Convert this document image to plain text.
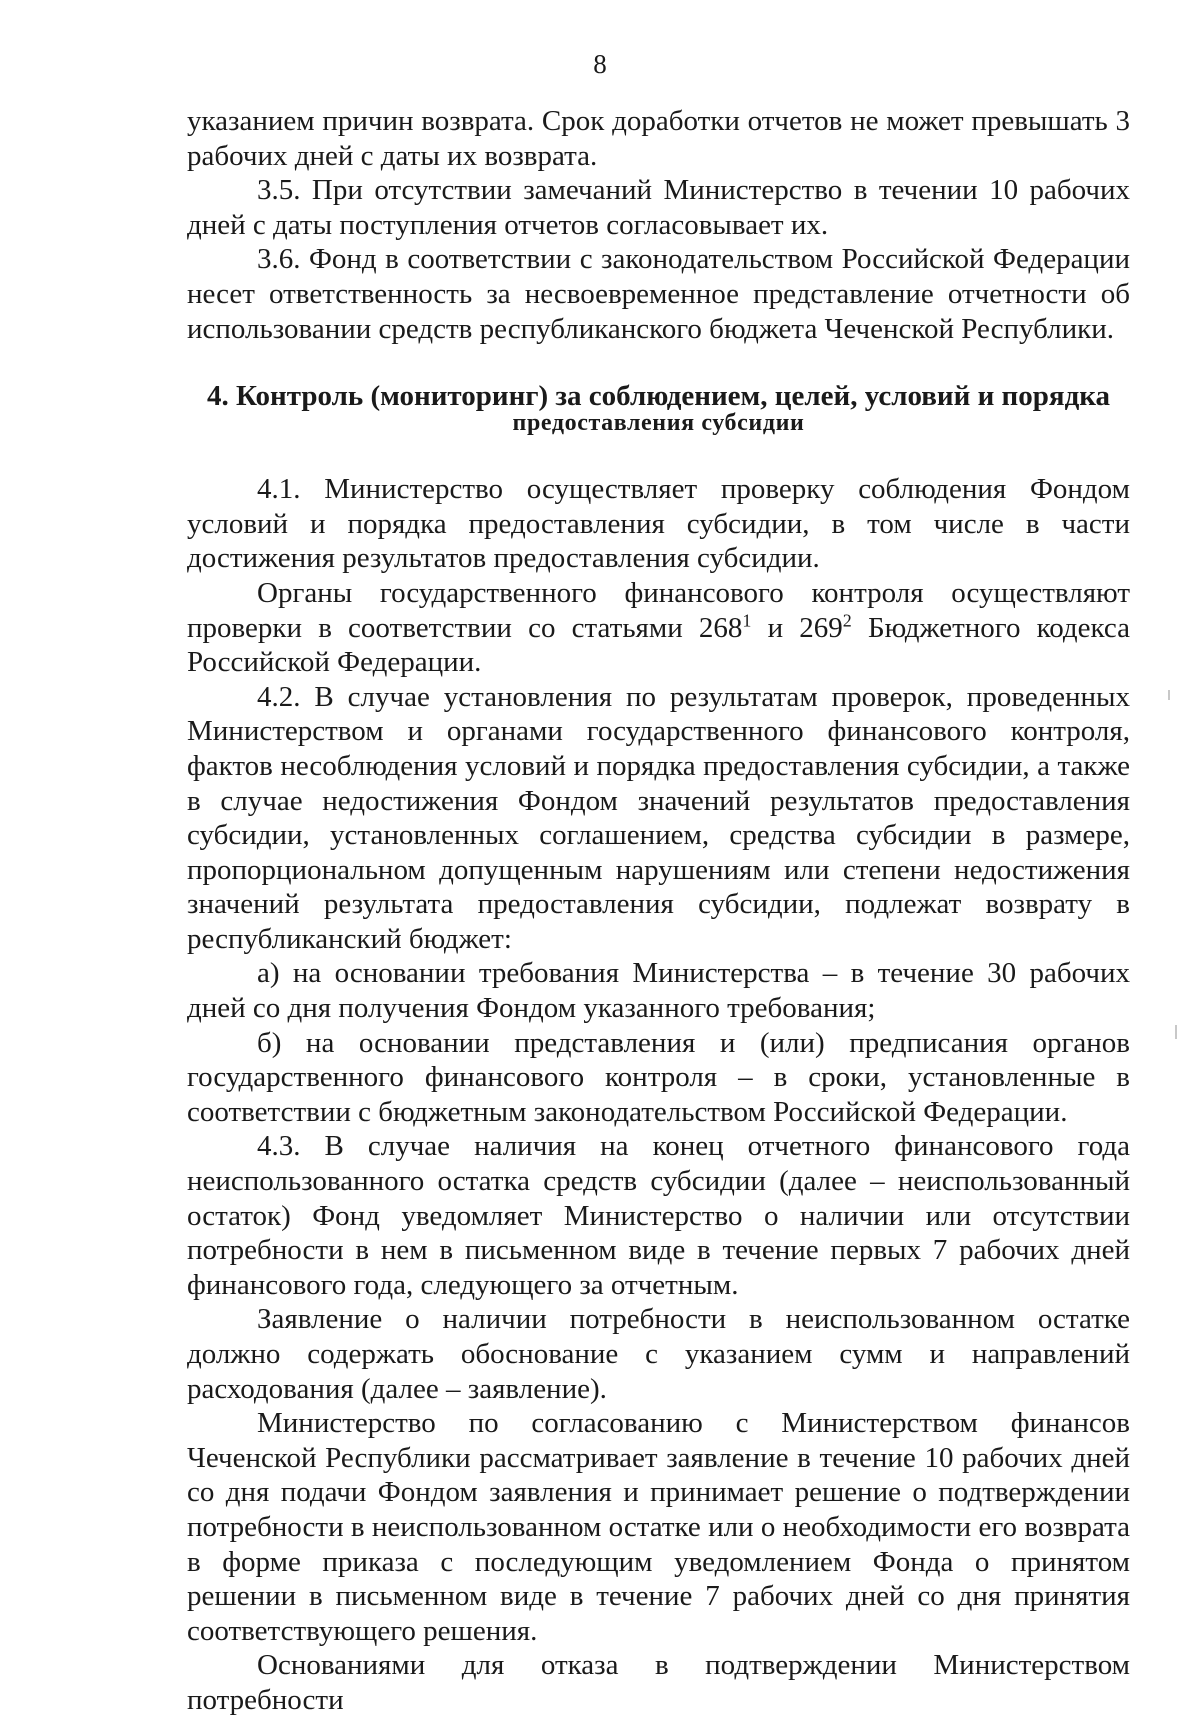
8

указанием причин возврата. Срок доработки отчетов не может превышать 3 рабочих дней с даты их возврата.

3.5. При отсутствии замечаний Министерство в течении 10 рабочих дней с даты поступления отчетов согласовывает их.

3.6. Фонд в соответствии с законодательством Российской Федерации несет ответственность за несвоевременное представление отчетности об использовании средств республиканского бюджета Чеченской Республики.

4. Контроль (мониторинг) за соблюдением, целей, условий и порядка
предоставления субсидии

4.1. Министерство осуществляет проверку соблюдения Фондом условий и порядка предоставления субсидии, в том числе в части достижения результатов предоставления субсидии.

Органы государственного финансового контроля осуществляют проверки в соответствии со статьями $268^1$ и $269^2$ Бюджетного кодекса Российской Федерации.

4.2. В случае установления по результатам проверок, проведенных Министерством и органами государственного финансового контроля, фактов несоблюдения условий и порядка предоставления субсидии, а также в случае недостижения Фондом значений результатов предоставления субсидии, установленных соглашением, средства субсидии в размере, пропорциональном допущенным нарушениям или степени недостижения значений результата предоставления субсидии, подлежат возврату в республиканский бюджет:

а) на основании требования Министерства – в течение 30 рабочих дней со дня получения Фондом указанного требования;

б) на основании представления и (или) предписания органов государственного финансового контроля – в сроки, установленные в соответствии с бюджетным законодательством Российской Федерации.

4.3. В случае наличия на конец отчетного финансового года неиспользованного остатка средств субсидии (далее – неиспользованный остаток) Фонд уведомляет Министерство о наличии или отсутствии потребности в нем в письменном виде в течение первых 7 рабочих дней финансового года, следующего за отчетным.

Заявление о наличии потребности в неиспользованном остатке должно содержать обоснование с указанием сумм и направлений расходования (далее – заявление).

Министерство по согласованию с Министерством финансов Чеченской Республики рассматривает заявление в течение 10 рабочих дней со дня подачи Фондом заявления и принимает решение о подтверждении потребности в неиспользованном остатке или о необходимости его возврата в форме приказа с последующим уведомлением Фонда о принятом решении в письменном виде в течение 7 рабочих дней со дня принятия соответствующего решения.

Основаниями для отказа в подтверждении Министерством потребности
